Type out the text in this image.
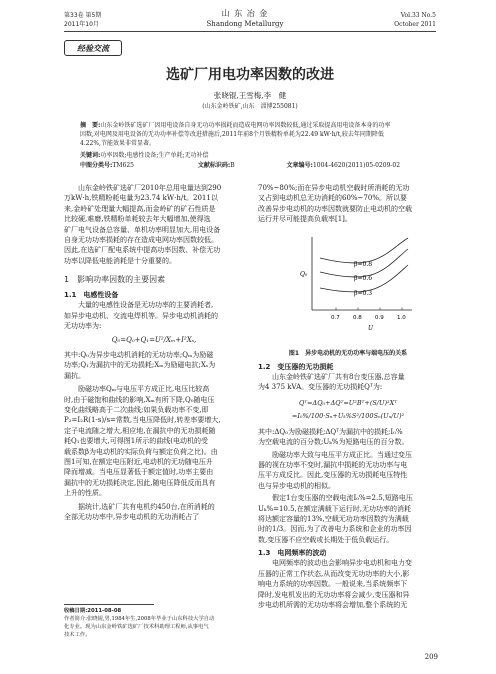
第33卷 第5期
2011年10月
山 东 冶 金
Shandong Metallurgy
Vol.33 No.5
October 2011
经验交流
选矿厂用电功率因数的改进
张晓锟,王雪梅,李　健
(山东金岭铁矿,山东　淄博255081)
摘　要:山东金岭铁矿选矿厂因用电设备自身无功功率损耗而造成电网功率因数较低,通过采取提高用电设备本身的功率
因数,对电网及用电设备的无功功率补偿等改进措施后,2011年前8个月铁精粉单耗为22.49 kW·h/t,较去年同期降低
4.22%,节能效果非常显著。
关键词:功率因数;电感性设备;生产单耗;无功补偿
中图分类号:TM625	文献标识码:B	文章编号:1004-4620(2011)05-0209-02
山东金岭铁矿选矿厂2010年总用电量达到290
万kW·h,铁精粉耗电量为23.74 kW·h/t。2011以
来,金岭矿处理量大幅提高,而金岭矿的矿石性质是
比较硬,难磨,铁精粉单耗较去年大幅增加,使得选
矿厂电气设备总容量、单机功率明显加大,用电设备
自身无功功率损耗的存在造成电网功率因数较低。
因此,在选矿厂配电系统中提高功率因数、补偿无功
功率以降低电能消耗是十分重要的。
1　影响功率因数的主要因素
1.1　电感性设备
大量的电感性设备是无功功率的主要消耗者,
如异步电动机、交流电焊机等。异步电动机消耗的
无功功率为:
Q₀=Q₀+Q₁=U²/Xₘ+I²Xₛ,
其中:Q₀为异步电动机消耗的无功功率;Qₘ为励磁
功率;Q₁为漏抗中的无功损耗;Xₘ为励磁电抗;Xₛ为
漏抗。
励磁功率Qₘ与电压平方成正比,电压比较高
时,由于磁饱和曲线的影响,Xₘ有所下降,Q₀随电压
变化曲线略高于二次曲线;如果负载功率不变,即
P₂=I₂R(1-s)/s=常数,当电压降低时,转差率要增大,
定子电流随之增大,相应地,在漏抗中的无功损耗随
耗Q₁也要增大,可得图1所示的曲线(电动机的受
载系数β为电动机的实际负荷与额定负荷之比)。由
图1可知,在额定电压附近,电动机的无功随电压升
降而增减。当电压显著低于额定值时,功率主要由
漏抗中的无功损耗决定,因此,随电压降低反而具有
上升的性质。
据统计,选矿厂共有电机约450台,在所消耗的
全部无功功率中,异步电动机的无功消耗占了
收稿日期:2011-08-08
作者简介:张晓锟,男,1984年生,2008年毕业于山东科技大学自动
化专业。现为山东金岭铁矿选矿厂技术科助理工程师,从事电气
技术工作。
70%~80%;而在异步电动机空载时所消耗的无功
又占到电动机总无功消耗的60%~70%。所以要
改善异步电动机的功率因数就要防止电动机的空载
运行并尽可能提高负载率[1]。
β=0.8
β=0.6
β=0.3
Q₀
0.7 0.8 0.9 1.0
U
图1　异步电动机的无功功率与端电压的关系
1.2　变压器的无功损耗
山东金岭铁矿选矿厂共有8台变压器,总容量
为4 375 kVA。变压器的无功损耗Qᵀ为:
Qᵀ=ΔQ₀+ΔQᵀ=U²Bᵀ+(S/U)²Xᵀ
=I₀%/100·Sₙ+Uₖ%S²/100Sₙ(Uₙ/U)²
其中:ΔQ₀为励磁损耗;ΔQᵀ为漏抗中的损耗;I₀%
为空载电流的百分数;Uₖ%为短路电压的百分数。
励磁功率大致与电压平方成正比。当通过变压
器的视在功率不变时,漏抗中损耗的无功功率与电
压平方成反比。因此,变压器的无功损耗电压特性
也与异步电动机的相似。
假定1台变压器的空载电流I₀%=2.5,短路电压
Uₖ%=10.5,在额定满载下运行时,无功功率的消耗
将达额定容量的13%,空载无功功率因数约为满载
时的1/3。因而,为了改善电力系统和企业的功率因
数,变压器不应空载或长期处于低负载运行。
1.3　电网频率的波动
电网频率的波动也会影响异步电动机和电力变
压器的正常工作状态,从而改变无功功率的大小,影
响电力系统的功率因数。一般说来,当系统频率下
降时,发电机发出的无功功率将会减少,变压器和异
步电动机所需的无功功率将会增加,整个系统的无
209
